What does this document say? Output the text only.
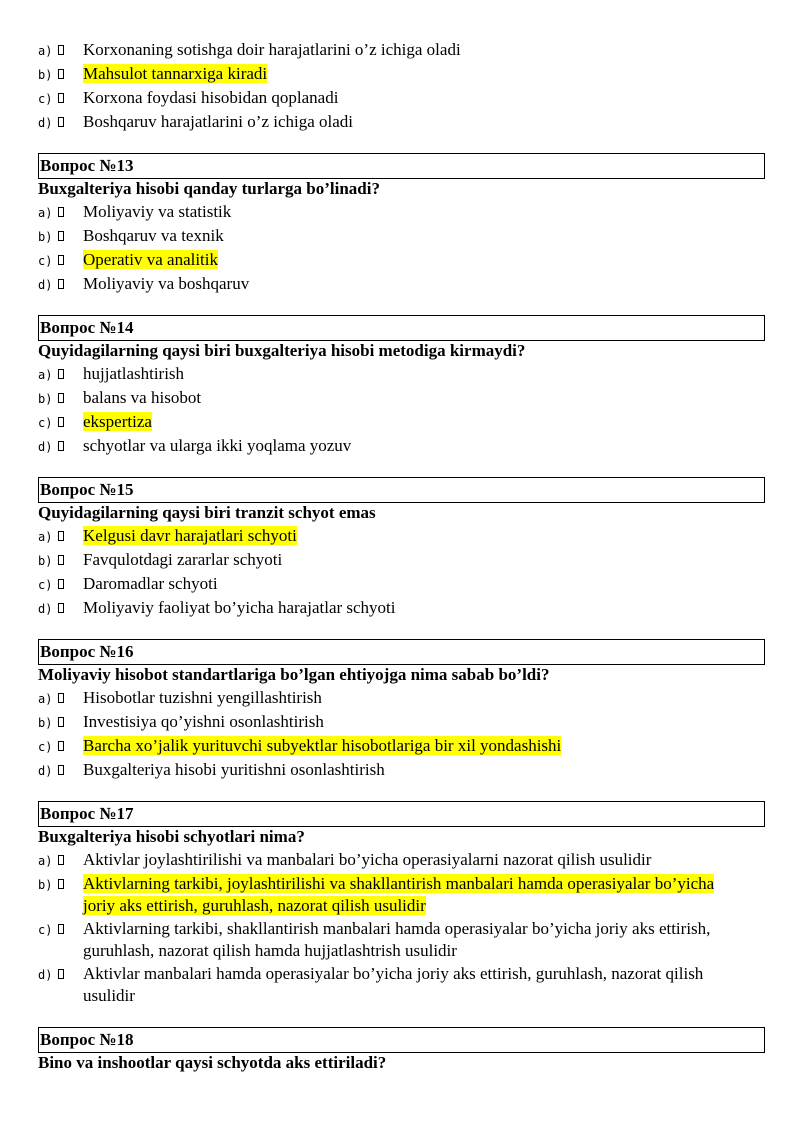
a) Korxonaning sotishga doir harajatlarini o’z ichiga oladi
b) Mahsulot tannarxiga kiradi
c) Korxona foydasi hisobidan qoplanadi
d) Boshqaruv harajatlarini o’z ichiga oladi
Вопрос №13
Buxgalteriya hisobi qanday turlarga bo’linadi?
a) Moliyaviy va statistik
b) Boshqaruv va texnik
c) Operativ va analitik
d) Moliyaviy va boshqaruv
Вопрос №14
Quyidagilarning qaysi biri buxgalteriya hisobi metodiga kirmaydi?
a) hujjatlashtirish
b) balans va hisobot
c) ekspertiza
d) schyotlar va ularga ikki yoqlama yozuv
Вопрос №15
Quyidagilarning qaysi biri tranzit schyot emas
a) Kelgusi davr harajatlari schyoti
b) Favqulotdagi zararlar schyoti
c) Daromadlar schyoti
d) Moliyaviy faoliyat bo’yicha harajatlar schyoti
Вопрос №16
Moliyaviy hisobot standartlariga bo’lgan ehtiyojga nima sabab bo’ldi?
a) Hisobotlar tuzishni yengillashtirish
b) Investisiya qo’yishni osonlashtirish
c) Barcha xo’jalik yurituvchi subyektlar hisobotlariga bir xil yondashishi
d) Buxgalteriya hisobi yuritishni osonlashtirish
Вопрос №17
Buxgalteriya hisobi schyotlari nima?
a) Aktivlar joylashtirilishi va manbalari bo’yicha operasiyalarni nazorat qilish usulidir
b) Aktivlarning tarkibi, joylashtirilishi va shakllantirish manbalari hamda operasiyalar bo’yicha joriy aks ettirish, guruhlash, nazorat qilish usulidir
c) Aktivlarning tarkibi, shakllantirish manbalari hamda operasiyalar bo’yicha joriy aks ettirish, guruhlash, nazorat qilish hamda hujjatlashtrish usulidir
d) Aktivlar manbalari hamda operasiyalar bo’yicha joriy aks ettirish, guruhlash, nazorat qilish usulidir
Вопрос №18
Bino va inshootlar qaysi schyotda aks ettiriladi?
